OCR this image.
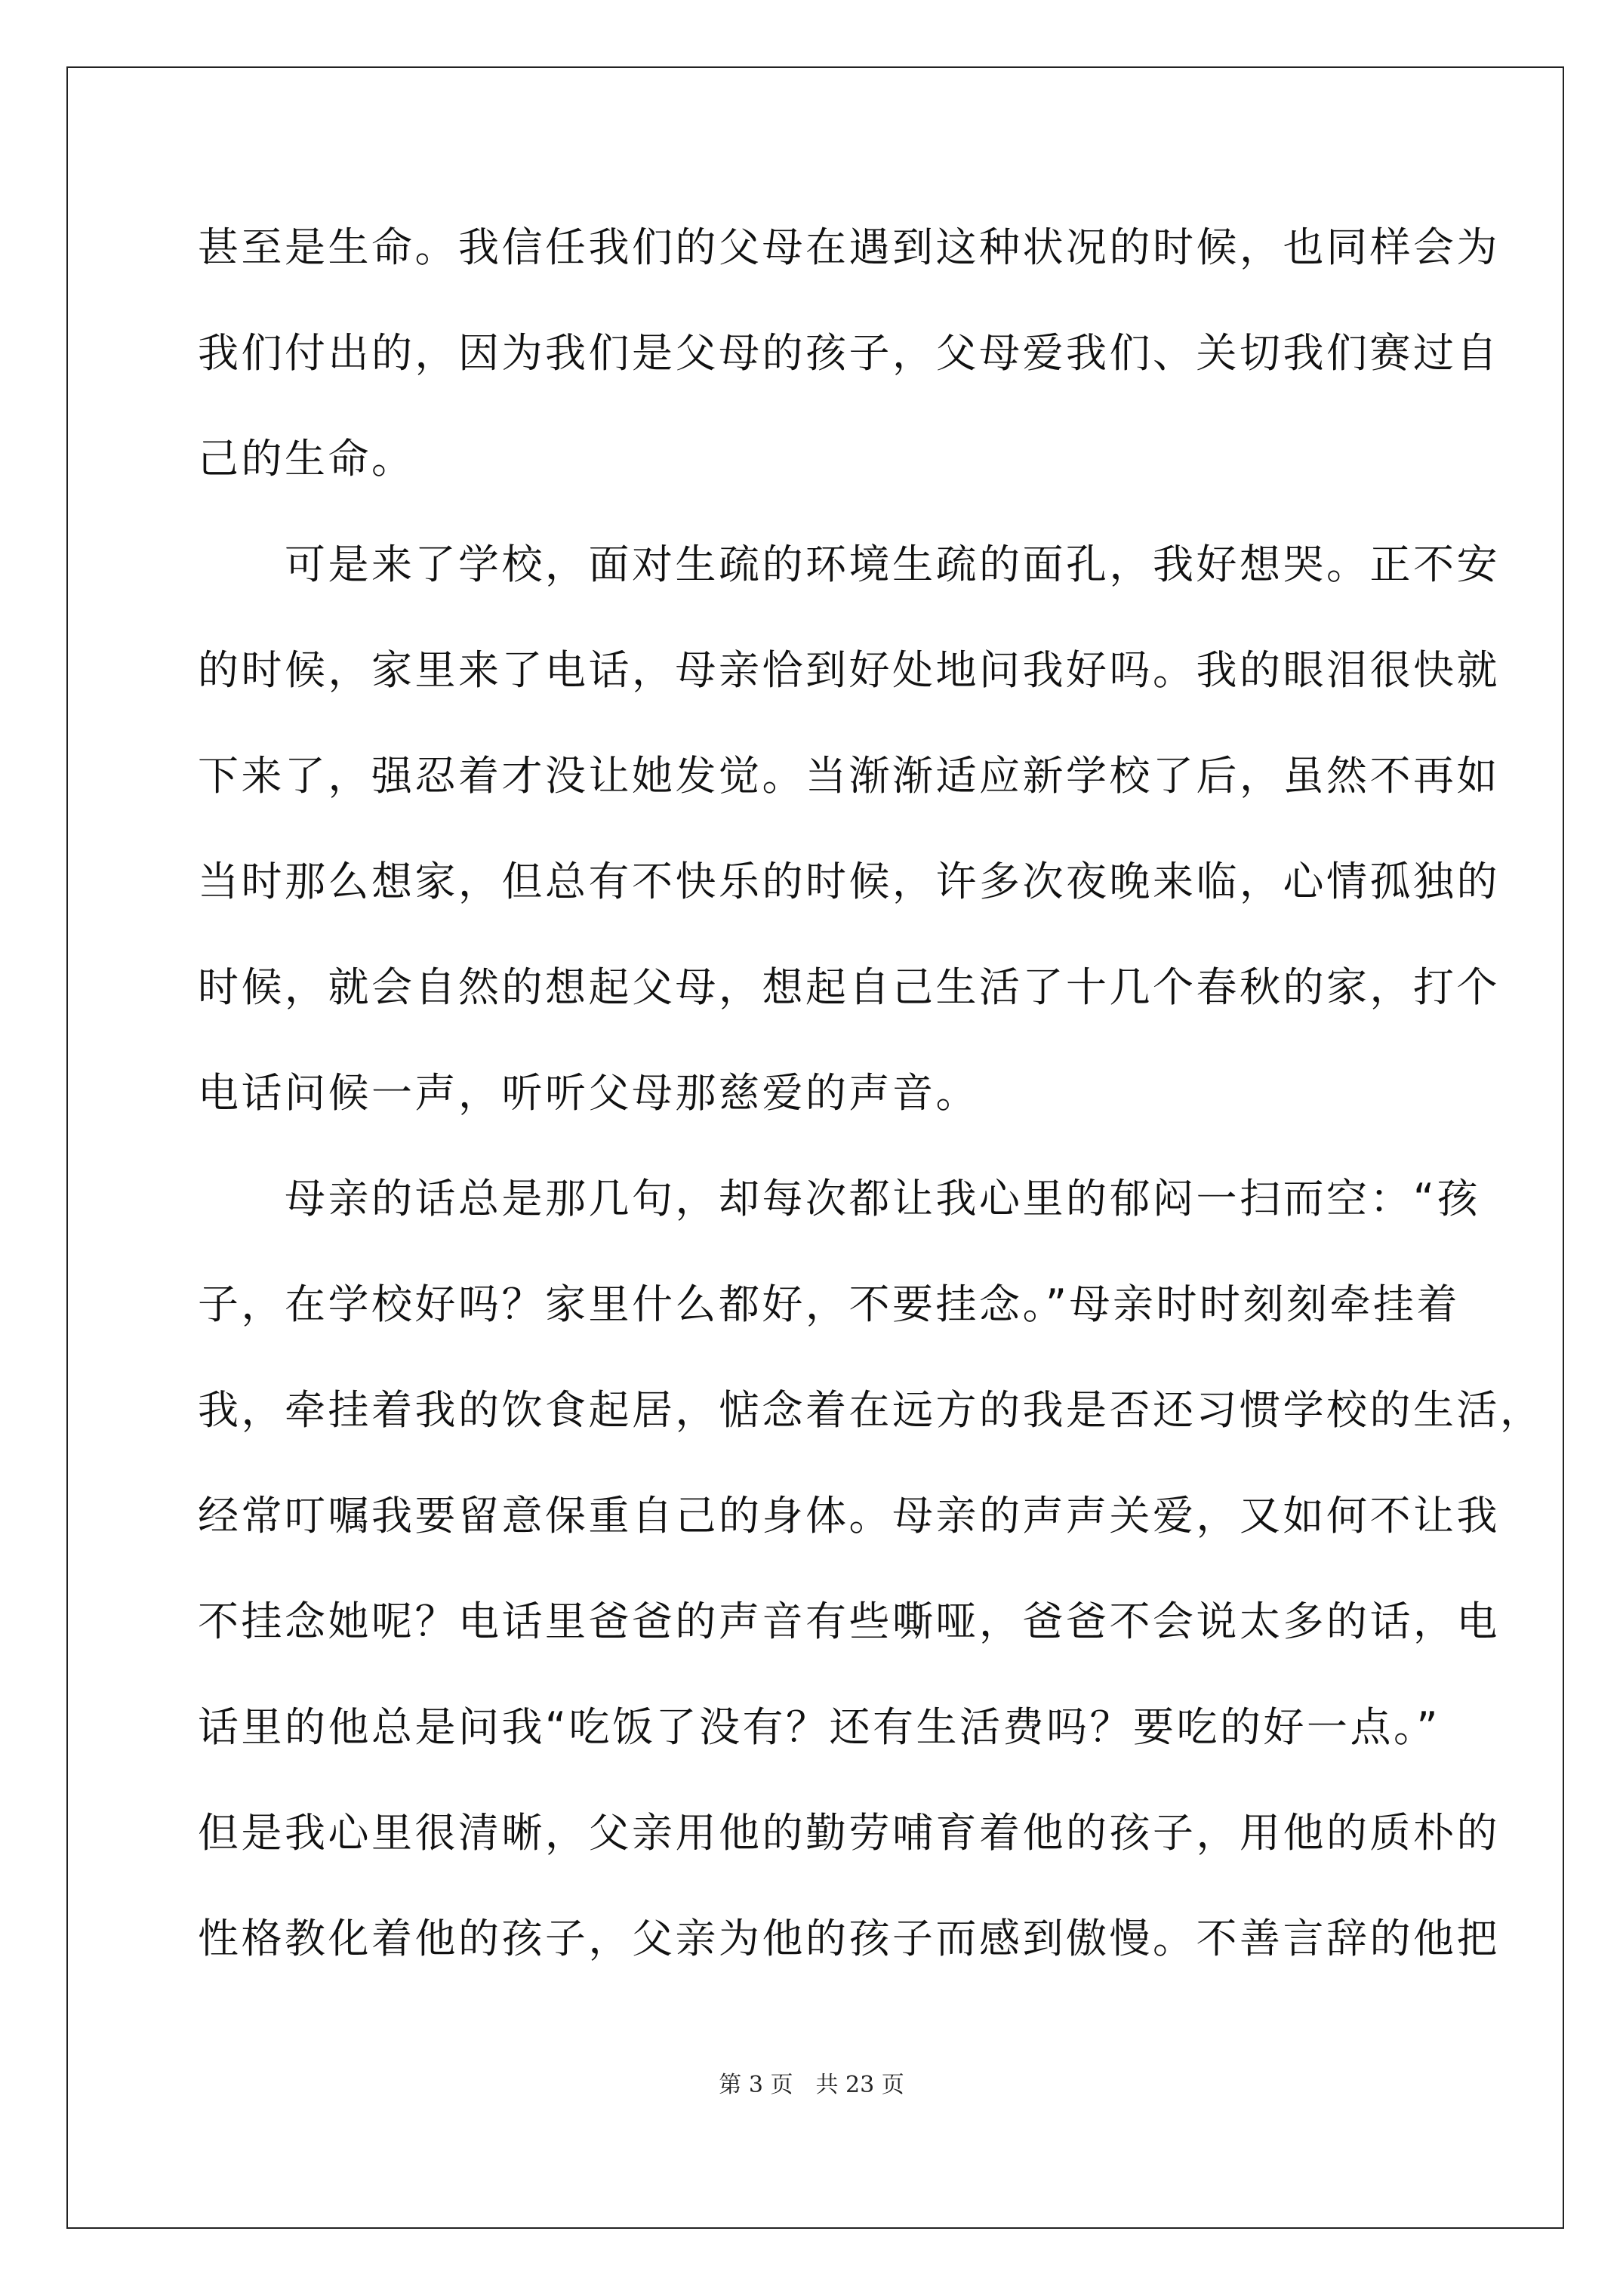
甚至是生命。我信任我们的父母在遇到这种状况的时候，也同样会为
我们付出的，因为我们是父母的孩子，父母爱我们、关切我们赛过自
己的生命。
　　可是来了学校，面对生疏的环境生疏的面孔，我好想哭。正不安
的时候，家里来了电话，母亲恰到好处地问我好吗。我的眼泪很快就
下来了，强忍着才没让她发觉。当渐渐适应新学校了后，虽然不再如
当时那么想家，但总有不快乐的时候，许多次夜晚来临，心情孤独的
时候，就会自然的想起父母，想起自己生活了十几个春秋的家，打个
电话问候一声，听听父母那慈爱的声音。
　　母亲的话总是那几句，却每次都让我心里的郁闷一扫而空：“孩
子，在学校好吗？家里什么都好，不要挂念。”母亲时时刻刻牵挂着
我，牵挂着我的饮食起居，惦念着在远方的我是否还习惯学校的生活，
经常叮嘱我要留意保重自己的身体。母亲的声声关爱，又如何不让我
不挂念她呢？电话里爸爸的声音有些嘶哑，爸爸不会说太多的话，电
话里的他总是问我“吃饭了没有？还有生活费吗？要吃的好一点。”
但是我心里很清晰，父亲用他的勤劳哺育着他的孩子，用他的质朴的
性格教化着他的孩子，父亲为他的孩子而感到傲慢。不善言辞的他把
第 3 页　共 23 页
